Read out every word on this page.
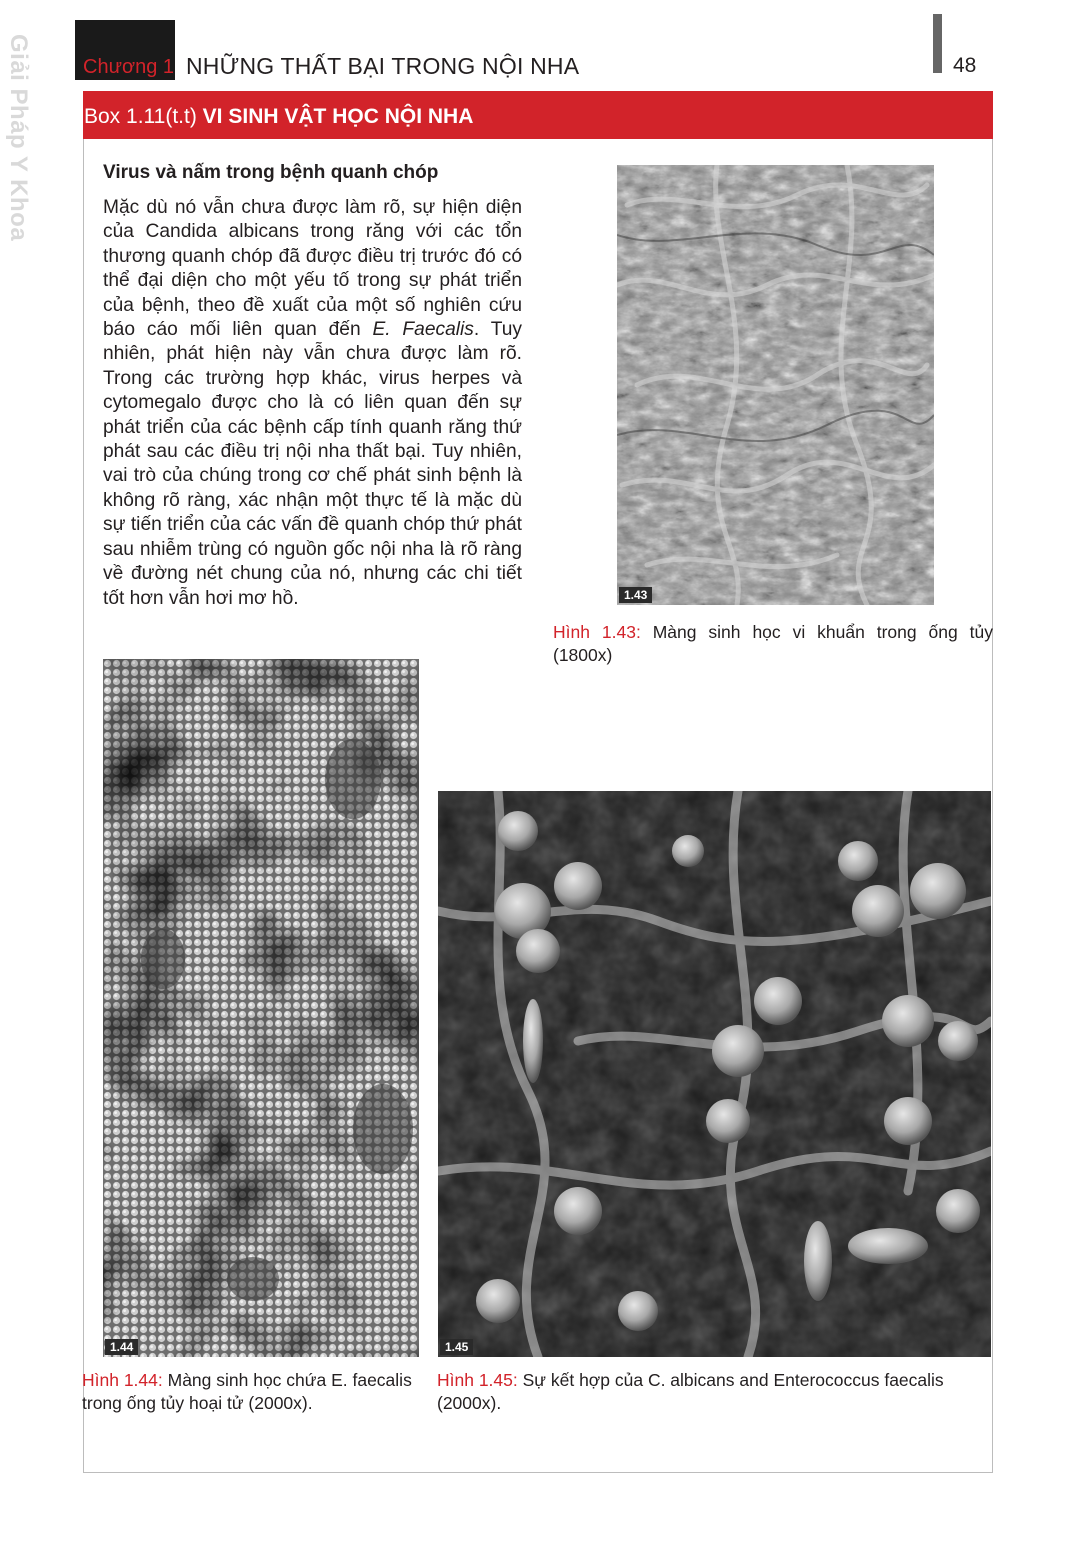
Giải Pháp Y Khoa	Chương 1 NHỮNG THẤT BẠI TRONG NỘI NHA	48
Box 1.11(t.t) VI SINH VẬT HỌC NỘI NHA
Virus và nấm trong bệnh quanh chóp

Mặc dù nó vẫn chưa được làm rõ, sự hiện diện của Candida albicans trong răng với các tổn thương quanh chóp đã được điều trị trước đó có thể đại diện cho một yếu tố trong sự phát triển của bệnh, theo đề xuất của một số nghiên cứu báo cáo mối liên quan đến E. Faecalis. Tuy nhiên, phát hiện này vẫn chưa được làm rõ. Trong các trường hợp khác, virus herpes và cytomegalo được cho là có liên quan đến sự phát triển của các bệnh cấp tính quanh răng thứ phát sau các điều trị nội nha thất bại. Tuy nhiên, vai trò của chúng trong cơ chế phát sinh bệnh là không rõ ràng, xác nhận một thực tế là mặc dù sự tiến triển của các vấn đề quanh chóp thứ phát sau nhiễm trùng có nguồn gốc nội nha là rõ ràng về đường nét chung của nó, nhưng các chi tiết tốt hơn vẫn hơi mơ hồ.	1.43
Hình 1.43: Màng sinh học vi khuẩn trong ống tủy (1800x)
1.44
Hình 1.44: Màng sinh học chứa E. faecalis trong ống tủy hoại tử (2000x).
1.45
Hình 1.45: Sự kết hợp của C. albicans and Enterococcus faecalis (2000x).
